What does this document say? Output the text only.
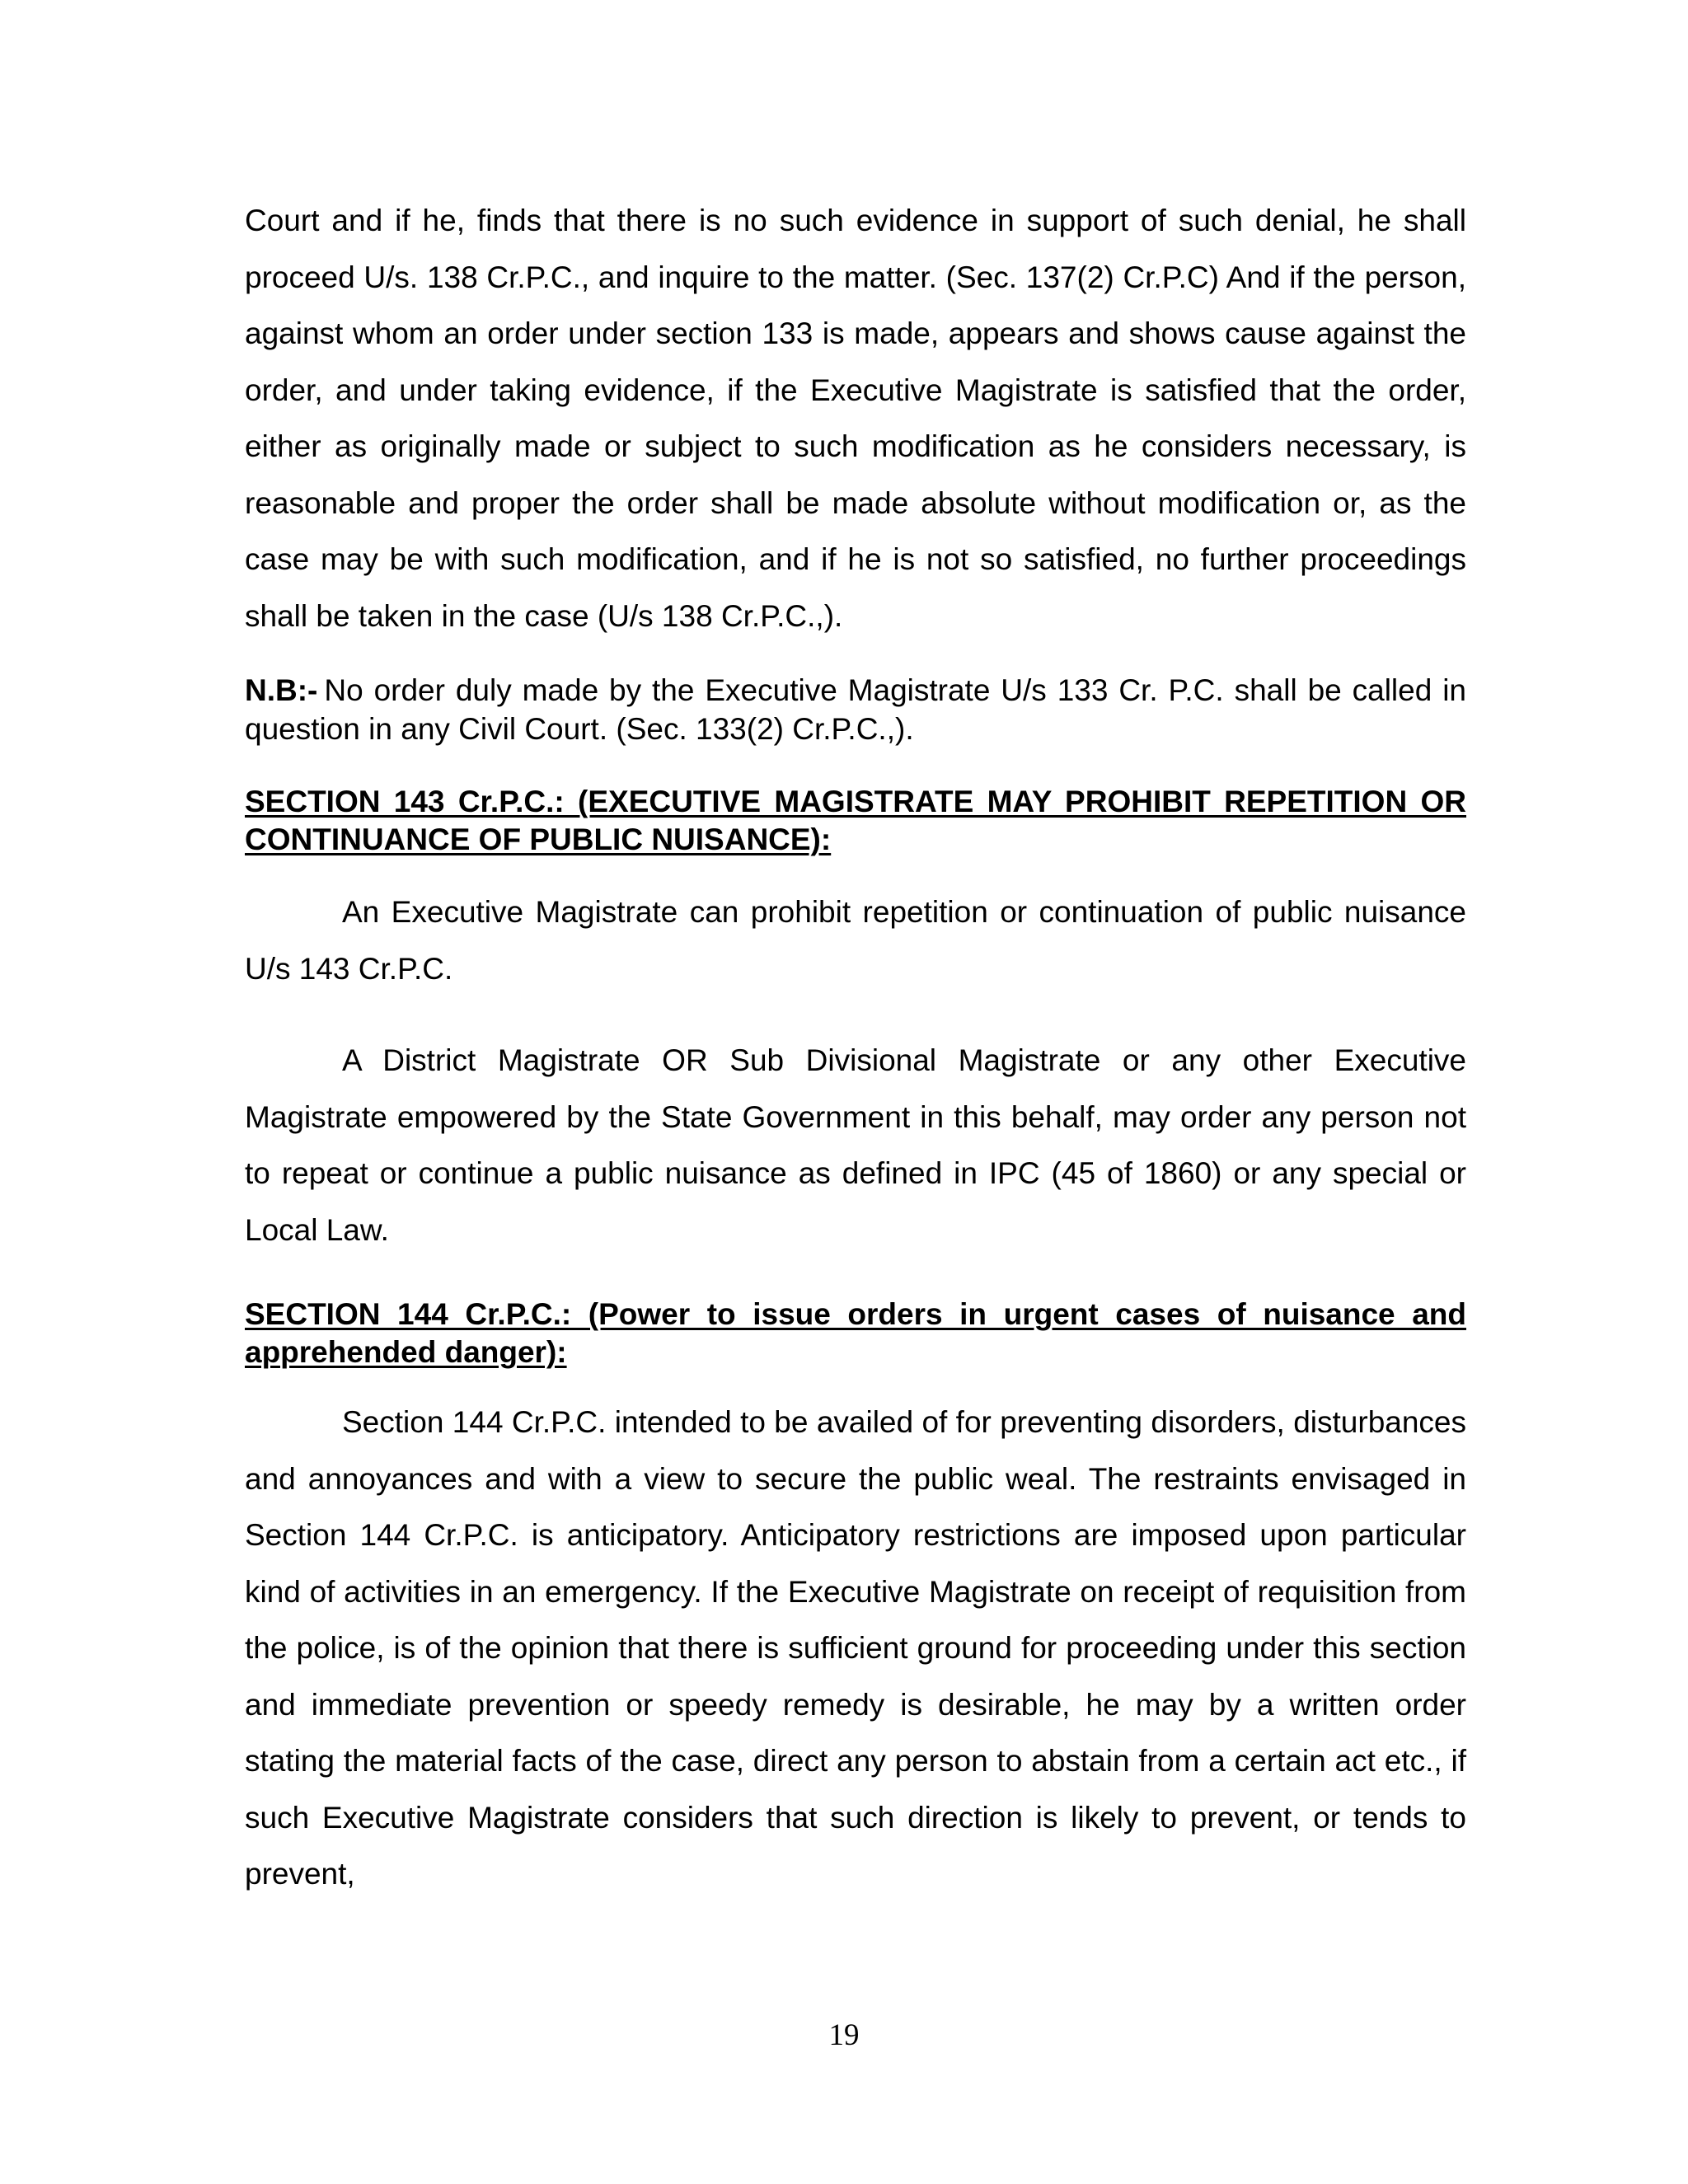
Court and if he, finds that there is no such evidence in support of such denial, he shall proceed U/s. 138 Cr.P.C., and inquire to the matter. (Sec. 137(2) Cr.P.C) And if the person, against whom an order under section 133 is made, appears and shows cause against the order, and under taking evidence, if the Executive Magistrate is satisfied that the order, either as originally made or subject to such modification as he considers necessary, is reasonable and proper the order shall be made absolute without modification or, as the case may be with such modification, and if he is not so satisfied, no further proceedings shall be taken in the case (U/s 138 Cr.P.C.,).

N.B:- No order duly made by the Executive Magistrate U/s 133 Cr. P.C. shall be called in question in any Civil Court. (Sec. 133(2) Cr.P.C.,).

SECTION 143 Cr.P.C.: (EXECUTIVE MAGISTRATE MAY PROHIBIT REPETITION OR CONTINUANCE OF PUBLIC NUISANCE):

An Executive Magistrate can prohibit repetition or continuation of public nuisance U/s 143 Cr.P.C.

A District Magistrate OR Sub Divisional Magistrate or any other Executive Magistrate empowered by the State Government in this behalf, may order any person not to repeat or continue a public nuisance as defined in IPC (45 of 1860) or any special or Local Law.

SECTION 144 Cr.P.C.: (Power to issue orders in urgent cases of nuisance and apprehended danger):

Section 144 Cr.P.C. intended to be availed of for preventing disorders, disturbances and annoyances and with a view to secure the public weal. The restraints envisaged in Section 144 Cr.P.C. is anticipatory. Anticipatory restrictions are imposed upon particular kind of activities in an emergency. If the Executive Magistrate on receipt of requisition from the police, is of the opinion that there is sufficient ground for proceeding under this section and immediate prevention or speedy remedy is desirable, he may by a written order stating the material facts of the case, direct any person to abstain from a certain act etc., if such Executive Magistrate considers that such direction is likely to prevent, or tends to prevent,

19
